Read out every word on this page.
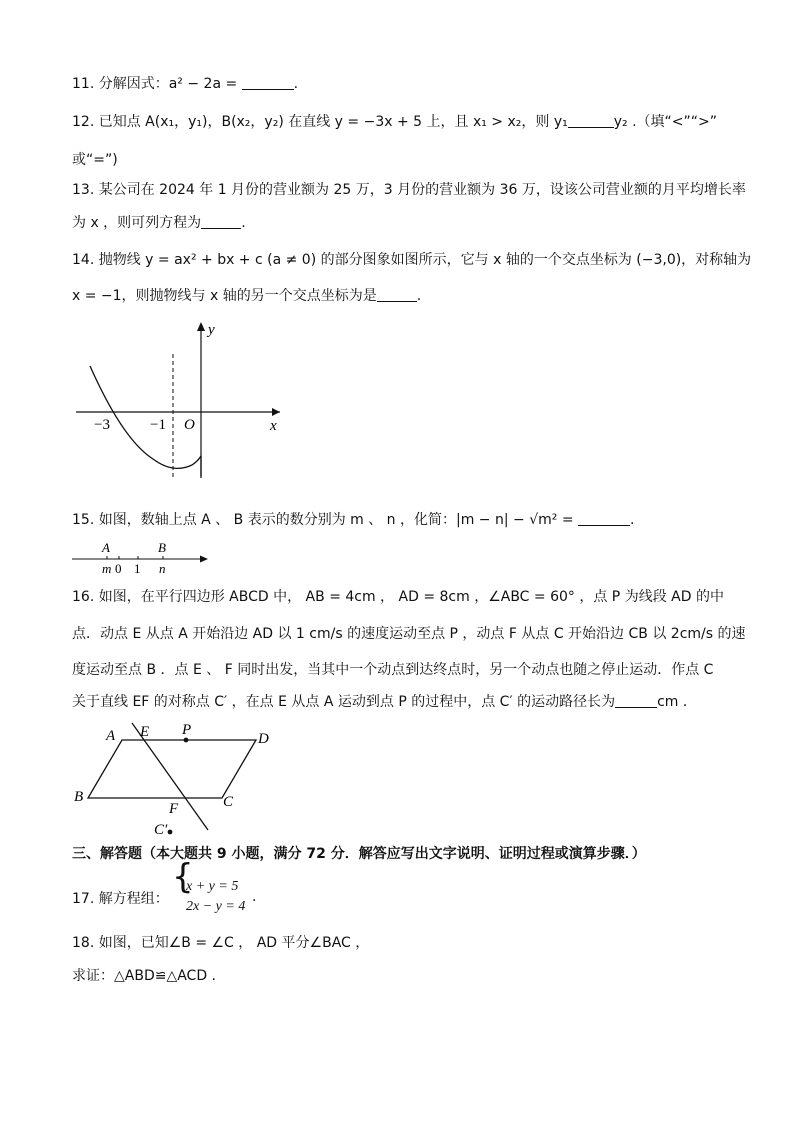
11. 分解因式：a² − 2a =	.
12. 已知点 A(x₁，y₁)，B(x₂，y₂) 在直线 y = −3x + 5 上，且 x₁ > x₂，则 y₁	y₂ .（填“<”“>”
或“=”)
13. 某公司在 2024 年 1 月份的营业额为 25 万，3 月份的营业额为 36 万，设该公司营业额的月平均增长率
为 x ，则可列方程为	.
14. 抛物线 y = ax² + bx + c (a ≠ 0) 的部分图象如图所示，它与 x 轴的一个交点坐标为 (−3,0)，对称轴为
x = −1，则抛物线与 x 轴的另一个交点坐标为是	.
y
x
O
−3	−1
15. 如图，数轴上点 A 、 B 表示的数分别为 m 、 n ，化简：|m − n| − √m² =	.
A	B
m 0 1 n
16. 如图，在平行四边形 ABCD 中， AB = 4cm ， AD = 8cm ，∠ABC = 60° ，点 P 为线段 AD 的中
点．动点 E 从点 A 开始沿边 AD 以 1 cm/s 的速度运动至点 P ，动点 F 从点 C 开始沿边 CB 以 2cm/s 的速
度运动至点 B ．点 E 、 F 同时出发，当其中一个动点到达终点时，另一个动点也随之停止运动．作点 C
关于直线 EF 的对称点 C′ ，在点 E 从点 A 运动到点 P 的过程中，点 C′ 的运动路径长为	cm ．
A E P
D
B
F	C
C′
三、解答题（本大题共 9 小题，满分 72 分．解答应写出文字说明、证明过程或演算步骤．）
17. 解方程组：
{
x + y = 5
2x − y = 4
.
18. 如图，已知∠B = ∠C ， AD 平分∠BAC ，
求证：△ABD≌△ACD .
